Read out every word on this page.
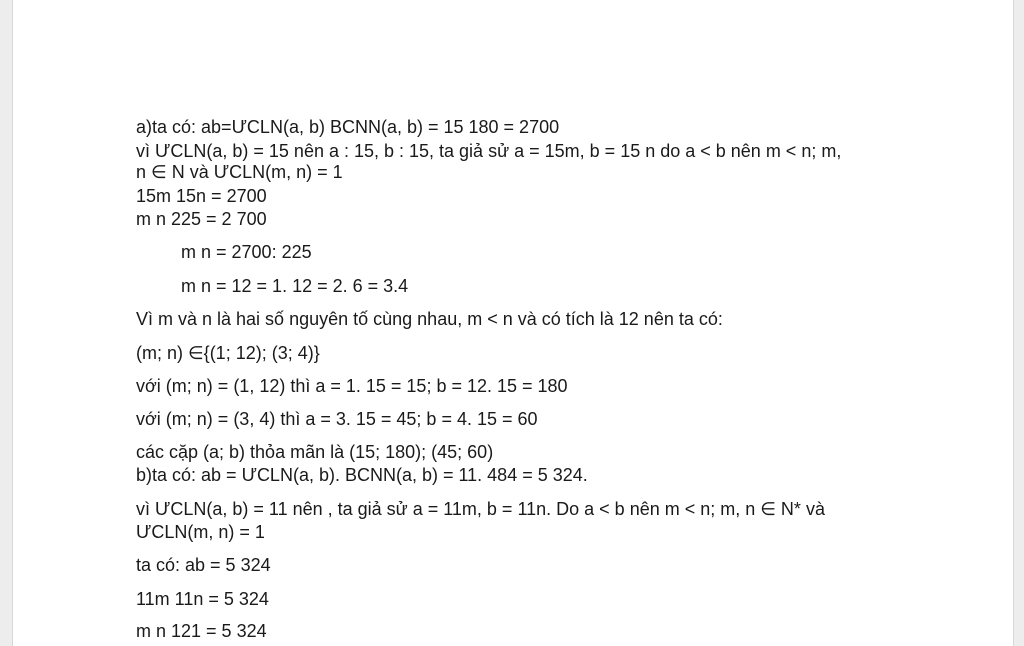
a)ta có: ab=ƯCLN(a, b) BCNN(a, b) = 15 180 = 2700
vì ƯCLN(a, b) = 15 nên a : 15, b : 15, ta giả sử a = 15m, b = 15 n do a < b nên m < n; m,
n ∈ N và ƯCLN(m, n) = 1
15m 15n = 2700
m n 225 = 2 700
m n = 2700: 225
m n = 12 = 1. 12 = 2. 6 = 3.4
Vì m và n là hai số nguyên tố cùng nhau, m < n và có tích là 12 nên ta có:
(m; n) ∈{(1; 12); (3; 4)}
với (m; n) = (1, 12) thì a = 1. 15 = 15; b = 12. 15 = 180
với (m; n) = (3, 4) thì a = 3. 15 = 45; b = 4. 15 = 60
các cặp (a; b) thỏa mãn là (15; 180); (45; 60)
b)ta có: ab = ƯCLN(a, b). BCNN(a, b) = 11. 484 = 5 324.
vì ƯCLN(a, b) = 11 nên , ta giả sử a = 11m, b = 11n. Do a < b nên m < n; m, n ∈ N* và
ƯCLN(m, n) = 1
ta có: ab = 5 324
11m 11n = 5 324
m n 121 = 5 324
